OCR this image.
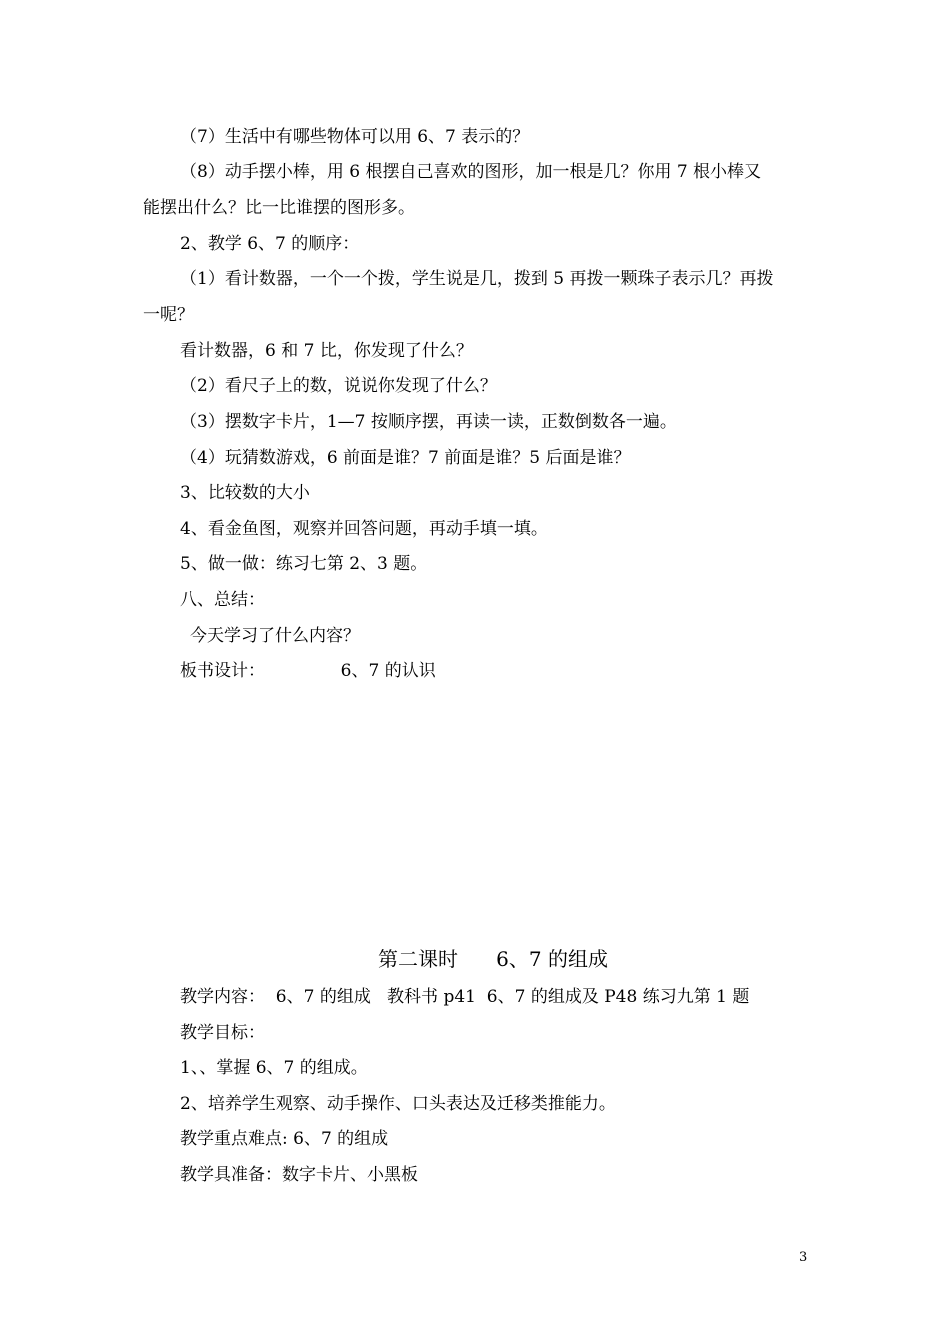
（7）生活中有哪些物体可以用 6、7 表示的？
（8）动手摆小棒，用 6 根摆自己喜欢的图形，加一根是几？你用 7 根小棒又
能摆出什么？比一比谁摆的图形多。
2、教学 6、7 的顺序：
（1）看计数器，一个一个拨，学生说是几，拨到 5 再拨一颗珠子表示几？再拨
一呢？
看计数器，6 和 7 比，你发现了什么？
（2）看尺子上的数，说说你发现了什么？
（3）摆数字卡片，1—7 按顺序摆，再读一读，正数倒数各一遍。
（4）玩猜数游戏，6 前面是谁？7 前面是谁？5 后面是谁？
3、比较数的大小
4、看金鱼图，观察并回答问题，再动手填一填。
5、做一做：练习七第 2、3 题。
八、总结：
今天学习了什么内容？
板书设计：              6、7 的认识
第二课时      6、7 的组成
教学内容：  6、7 的组成   教科书 p41  6、7 的组成及 P48 练习九第 1 题
教学目标：
1、、掌握 6、7 的组成。
2、培养学生观察、动手操作、口头表达及迁移类推能力。
教学重点难点: 6、7 的组成
教学具准备：数字卡片、小黑板
3
